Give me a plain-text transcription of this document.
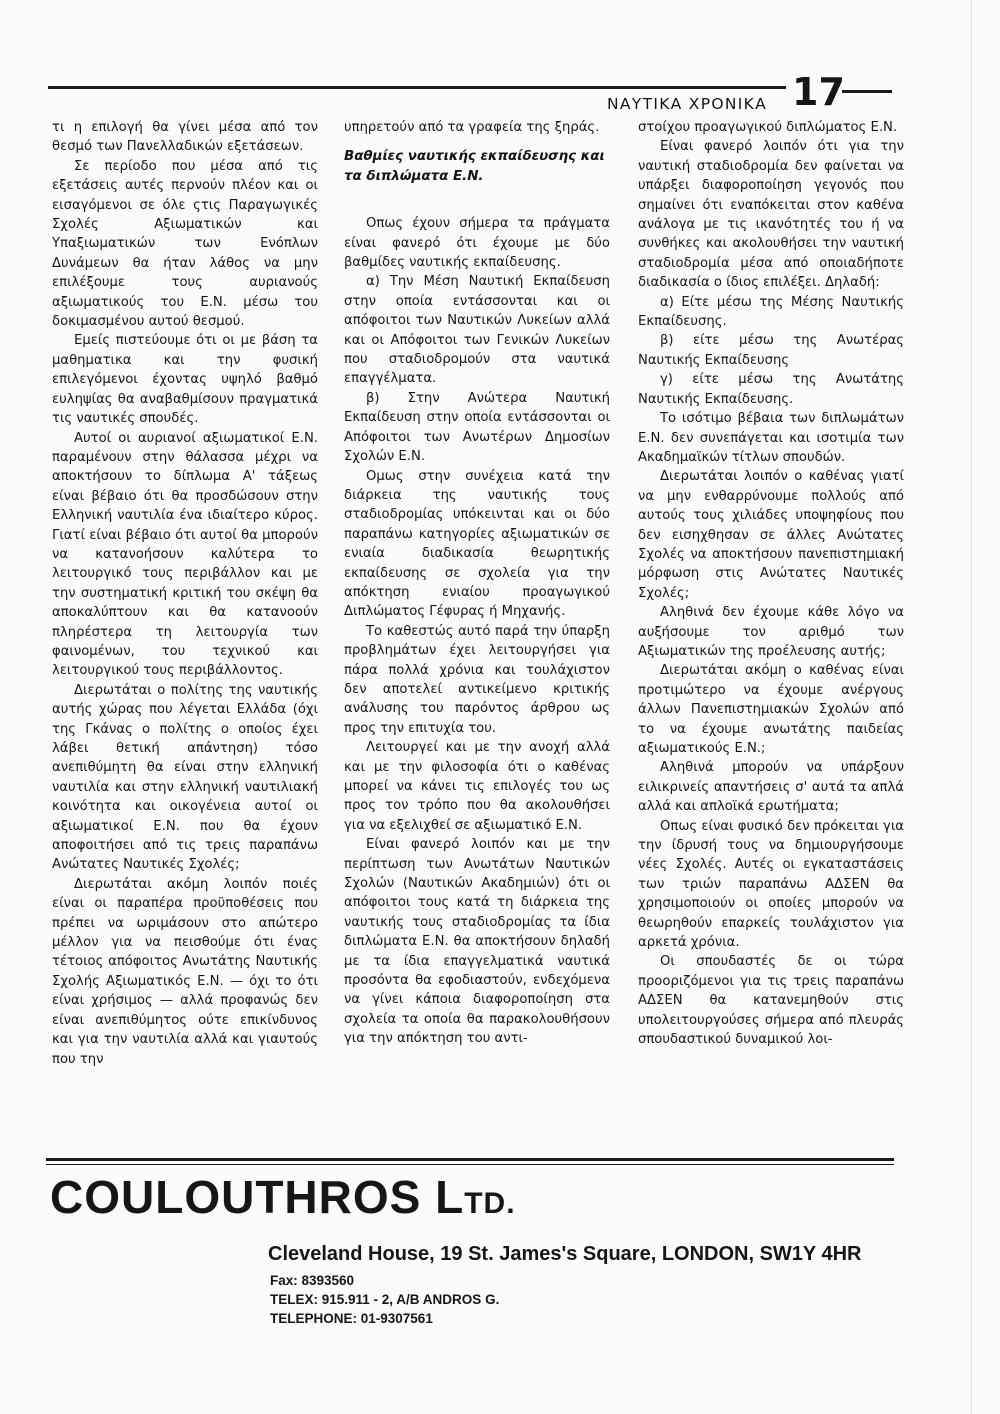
ΝΑΥΤΙΚΑ ΧΡΟΝΙΚΑ 17

τι η επιλογή θα γίνει μέσα από τον θεσμό των Πανελλαδικών εξετάσεων.

Σε περίοδο που μέσα από τις εξετάσεις αυτές περνούν πλέον και οι εισαγόμενοι σε όλε ςτις Παραγωγικές Σχολές Αξιωματικών και Υπαξιωματικών των Ενόπλων Δυνάμεων θα ήταν λάθος να μην επιλέξουμε τους αυριανούς αξιωματικούς του Ε.Ν. μέσω του δοκιμασμένου αυτού θεσμού.

Εμείς πιστεύουμε ότι οι με βάση τα μαθηματικα και την φυσική επιλεγόμενοι έχοντας υψηλό βαθμό ευληψίας θα αναβαθμίσουν πραγματικά τις ναυτικές σπουδές.

Αυτοί οι αυριανοί αξιωματικοί Ε.Ν. παραμένουν στην θάλασσα μέχρι να αποκτήσουν το δίπλωμα Α' τάξεως είναι βέβαιο ότι θα προσδώσουν στην Ελληνική ναυτιλία ένα ιδιαίτερο κύρος. Γιατί είναι βέβαιο ότι αυτοί θα μπορούν να κατανοήσουν καλύτερα το λειτουργικό τους περιβάλλον και με την συστηματική κριτική του σκέψη θα αποκαλύπτουν και θα κατανοούν πληρέστερα τη λειτουργία των φαινομένων, του τεχνικού και λειτουργικού τους περιβάλλοντος.

Διερωτάται ο πολίτης της ναυτικής αυτής χώρας που λέγεται Ελλάδα (όχι της Γκάνας ο πολίτης ο οποίος έχει λάβει θετική απάντηση) τόσο ανεπιθύμητη θα είναι στην ελληνική ναυτιλία και στην ελληνική ναυτιλιακή κοινότητα και οικογένεια αυτοί οι αξιωματικοί Ε.Ν. που θα έχουν αποφοιτήσει από τις τρεις παραπάνω Ανώτατες Ναυτικές Σχολές;

Διερωτάται ακόμη λοιπόν ποιές είναι οι παραπέρα προϋποθέσεις που πρέπει να ωριμάσουν στο απώτερο μέλλον για να πεισθούμε ότι ένας τέτοιος απόφοιτος Ανωτάτης Ναυτικής Σχολής Αξιωματικός Ε.Ν. — όχι το ότι είναι χρήσιμος — αλλά προφανώς δεν είναι ανεπιθύμητος ούτε επικίνδυνος και για την ναυτιλία αλλά και γιαυτούς που την

υπηρετούν από τα γραφεία της ξηράς.

Βαθμίες ναυτικής εκπαίδευσης και τα διπλώματα Ε.Ν.

Οπως έχουν σήμερα τα πράγματα είναι φανερό ότι έχουμε με δύο βαθμίδες ναυτικής εκπαίδευσης.

α) Την Μέση Ναυτική Εκπαίδευση στην οποία εντάσσονται και οι απόφοιτοι των Ναυτικών Λυκείων αλλά και οι Απόφοιτοι των Γενικών Λυκείων που σταδιοδρομούν στα ναυτικά επαγγέλματα.

β) Στην Ανώτερα Ναυτική Εκπαίδευση στην οποία εντάσσονται οι Απόφοιτοι των Ανωτέρων Δημοσίων Σχολών Ε.Ν.

Ομως στην συνέχεια κατά την διάρκεια της ναυτικής τους σταδιοδρομίας υπόκεινται και οι δύο παραπάνω κατηγορίες αξιωματικών σε ενιαία διαδικασία θεωρητικής εκπαίδευσης σε σχολεία για την απόκτηση ενιαίου προαγωγικού Διπλώματος Γέφυρας ή Μηχανής.

Το καθεστώς αυτό παρά την ύπαρξη προβλημάτων έχει λειτουργήσει για πάρα πολλά χρόνια και τουλάχιστον δεν αποτελεί αντικείμενο κριτικής ανάλυσης του παρόντος άρθρου ως προς την επιτυχία του.

Λειτουργεί και με την ανοχή αλλά και με την φιλοσοφία ότι ο καθένας μπορεί να κάνει τις επιλογές του ως προς τον τρόπο που θα ακολουθήσει για να εξελιχθεί σε αξιωματικό Ε.Ν.

Είναι φανερό λοιπόν και με την περίπτωση των Ανωτάτων Ναυτικών Σχολών (Ναυτικών Ακαδημιών) ότι οι απόφοιτοι τους κατά τη διάρκεια της ναυτικής τους σταδιοδρομίας τα ίδια διπλώματα Ε.Ν. θα αποκτήσουν δηλαδή με τα ίδια επαγγελματικά ναυτικά προσόντα θα εφοδιαστούν, ενδεχόμενα να γίνει κάποια διαφοροποίηση στα σχολεία τα οποία θα παρακολουθήσουν για την απόκτηση του αντι-

στοίχου προαγωγικού διπλώματος Ε.Ν.

Είναι φανερό λοιπόν ότι για την ναυτική σταδιοδρομία δεν φαίνεται να υπάρξει διαφοροποίηση γεγονός που σημαίνει ότι εναπόκειται στον καθένα ανάλογα με τις ικανότητές του ή να συνθήκες και ακολουθήσει την ναυτική σταδιοδρομία μέσα από οποιαδήποτε διαδικασία ο ίδιος επιλέξει. Δηλαδή:

α) Είτε μέσω της Μέσης Ναυτικής Εκπαίδευσης.

β) είτε μέσω της Ανωτέρας Ναυτικής Εκπαίδευσης

γ) είτε μέσω της Ανωτάτης Ναυτικής Εκπαίδευσης.

Το ισότιμο βέβαια των διπλωμάτων Ε.Ν. δεν συνεπάγεται και ισοτιμία των Ακαδημαϊκών τίτλων σπουδών.

Διερωτάται λοιπόν ο καθένας γιατί να μην ενθαρρύνουμε πολλούς από αυτούς τους χιλιάδες υποψηφίους που δεν εισηχθησαν σε άλλες Ανώτατες Σχολές να αποκτήσουν πανεπιστημιακή μόρφωση στις Ανώτατες Ναυτικές Σχολές;

Αληθινά δεν έχουμε κάθε λόγο να αυξήσουμε τον αριθμό των Αξιωματικών της προέλευσης αυτής;

Διερωτάται ακόμη ο καθένας είναι προτιμώτερο να έχουμε ανέργους άλλων Πανεπιστημιακών Σχολών από το να έχουμε ανωτάτης παιδείας αξιωματικούς Ε.Ν.;

Αληθινά μπορούν να υπάρξουν ειλικρινείς απαντήσεις σ' αυτά τα απλά αλλά και απλοϊκά ερωτήματα;

Οπως είναι φυσικό δεν πρόκειται για την ίδρυσή τους να δημιουργήσουμε νέες Σχολές. Αυτές οι εγκαταστάσεις των τριών παραπάνω ΑΔΣΕΝ θα χρησιμοποιούν οι οποίες μπορούν να θεωρηθούν επαρκείς τουλάχιστον για αρκετά χρόνια.

Οι σπουδαστές δε οι τώρα προοριζόμενοι για τις τρεις παραπάνω ΑΔΣΕΝ θα κατανεμηθούν στις υπολειτουργούσες σήμερα από πλευράς σπουδαστικού δυναμικού λοι-

COULOUTHROS LTD.
Cleveland House, 19 St. James's Square, LONDON, SW1Y 4HR
Fax: 8393560
TELEX: 915.911 - 2, A/B ANDROS G.
TELEPHONE: 01-9307561
